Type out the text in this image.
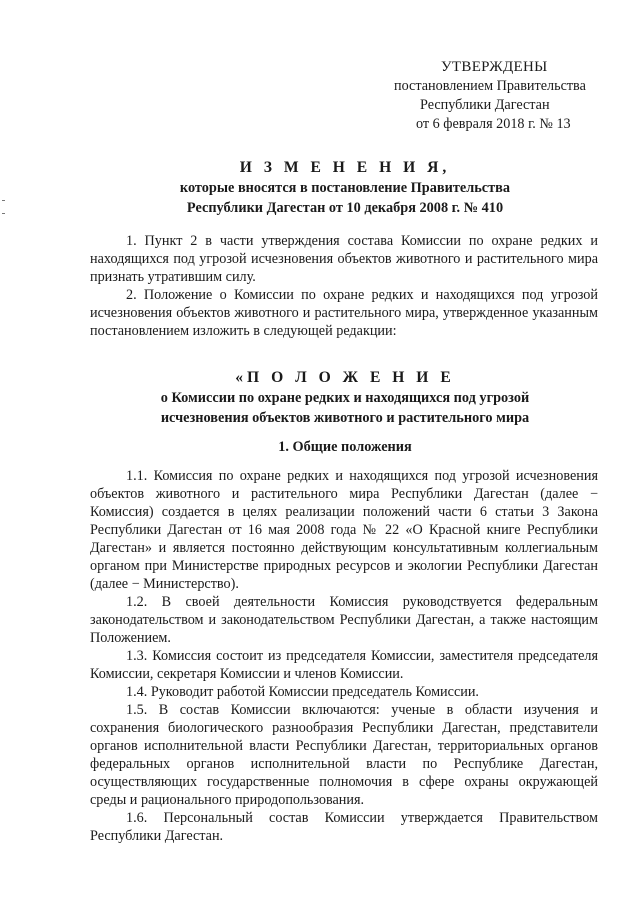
УТВЕРЖДЕНЫ
постановлением Правительства
Республики Дагестан
от 6 февраля 2018 г. № 13
И З М Е Н Е Н И Я,
которые вносятся в постановление Правительства
Республики Дагестан от 10 декабря 2008 г. № 410

1. Пункт 2 в части утверждения состава Комиссии по охране редких и находящихся под угрозой исчезновения объектов животного и растительного мира признать утратившим силу.

2. Положение о Комиссии по охране редких и находящихся под угрозой исчезновения объектов животного и растительного мира, утвержденное указанным постановлением изложить в следующей редакции:

«П О Л О Ж Е Н И Е
о Комиссии по охране редких и находящихся под угрозой
исчезновения объектов животного и растительного мира
1. Общие положения

1.1. Комиссия по охране редких и находящихся под угрозой исчезновения объектов животного и растительного мира Республики Дагестан (далее − Комиссия) создается в целях реализации положений части 6 статьи 3 Закона Республики Дагестан от 16 мая 2008 года № 22 «О Красной книге Республики Дагестан» и является постоянно действующим консультативным коллегиальным органом при Министерстве природных ресурсов и экологии Республики Дагестан (далее − Министерство).

1.2. В своей деятельности Комиссия руководствуется федеральным законодательством и законодательством Республики Дагестан, а также настоящим Положением.

1.3. Комиссия состоит из председателя Комиссии, заместителя председателя Комиссии, секретаря Комиссии и членов Комиссии.

1.4. Руководит работой Комиссии председатель Комиссии.

1.5. В состав Комиссии включаются: ученые в области изучения и сохранения биологического разнообразия Республики Дагестан, представители органов исполнительной власти Республики Дагестан, территориальных органов федеральных органов исполнительной власти по Республике Дагестан, осуществляющих государственные полномочия в сфере охраны окружающей среды и рационального природопользования.

1.6. Персональный состав Комиссии утверждается Правительством Республики Дагестан.
